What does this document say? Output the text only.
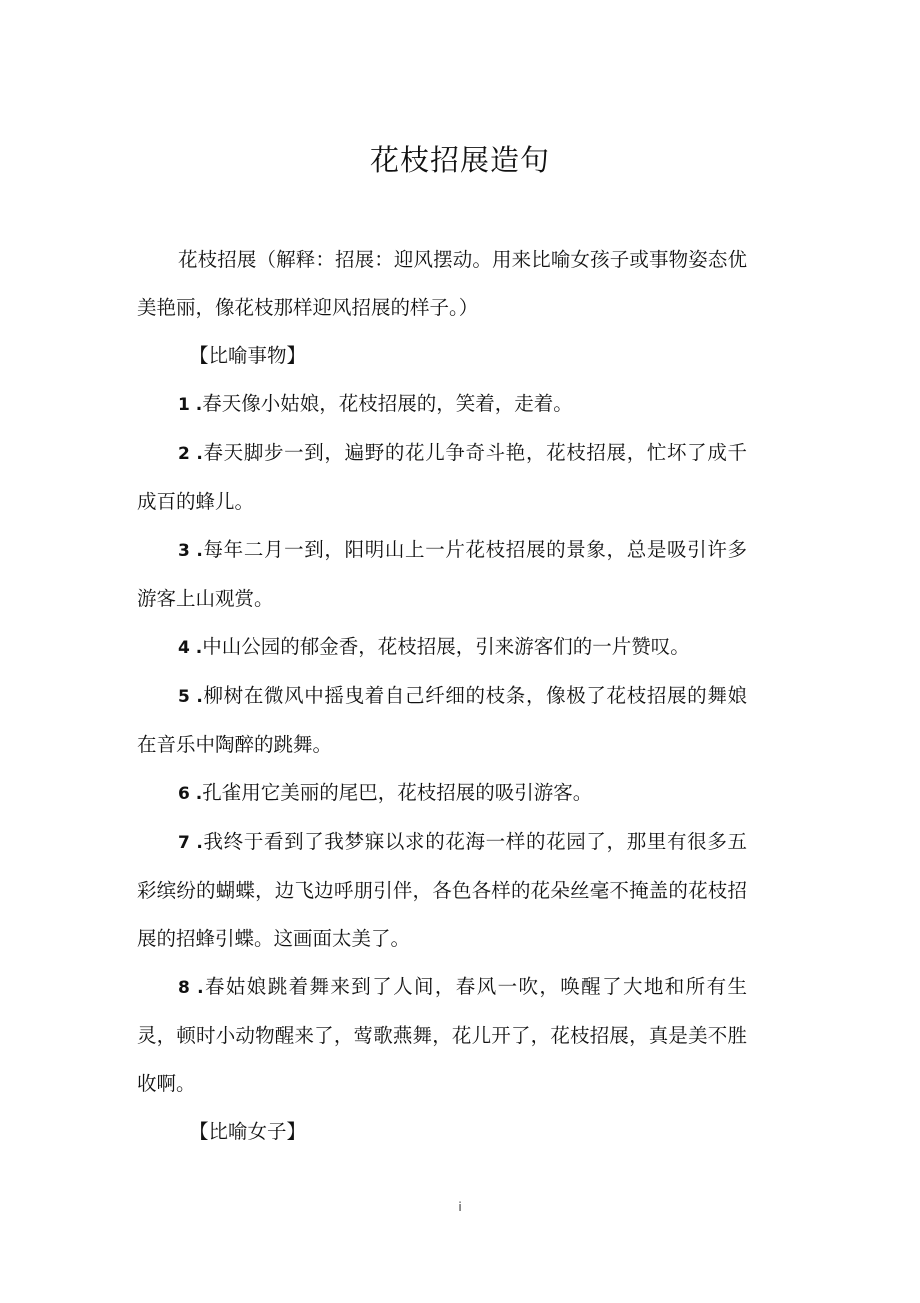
花枝招展造句

花枝招展（解释：招展：迎风摆动。用来比喻女孩子或事物姿态优美艳丽，像花枝那样迎风招展的样子。）

【比喻事物】

1 .春天像小姑娘，花枝招展的，笑着，走着。

2 .春天脚步一到，遍野的花儿争奇斗艳，花枝招展，忙坏了成千成百的蜂儿。

3 .每年二月一到，阳明山上一片花枝招展的景象，总是吸引许多游客上山观赏。

4 .中山公园的郁金香，花枝招展，引来游客们的一片赞叹。

5 .柳树在微风中摇曳着自己纤细的枝条，像极了花枝招展的舞娘在音乐中陶醉的跳舞。

6 .孔雀用它美丽的尾巴，花枝招展的吸引游客。

7 .我终于看到了我梦寐以求的花海一样的花园了，那里有很多五彩缤纷的蝴蝶，边飞边呼朋引伴，各色各样的花朵丝毫不掩盖的花枝招展的招蜂引蝶。这画面太美了。

8 .春姑娘跳着舞来到了人间，春风一吹，唤醒了大地和所有生灵，顿时小动物醒来了，莺歌燕舞，花儿开了，花枝招展，真是美不胜收啊。

【比喻女子】

i
